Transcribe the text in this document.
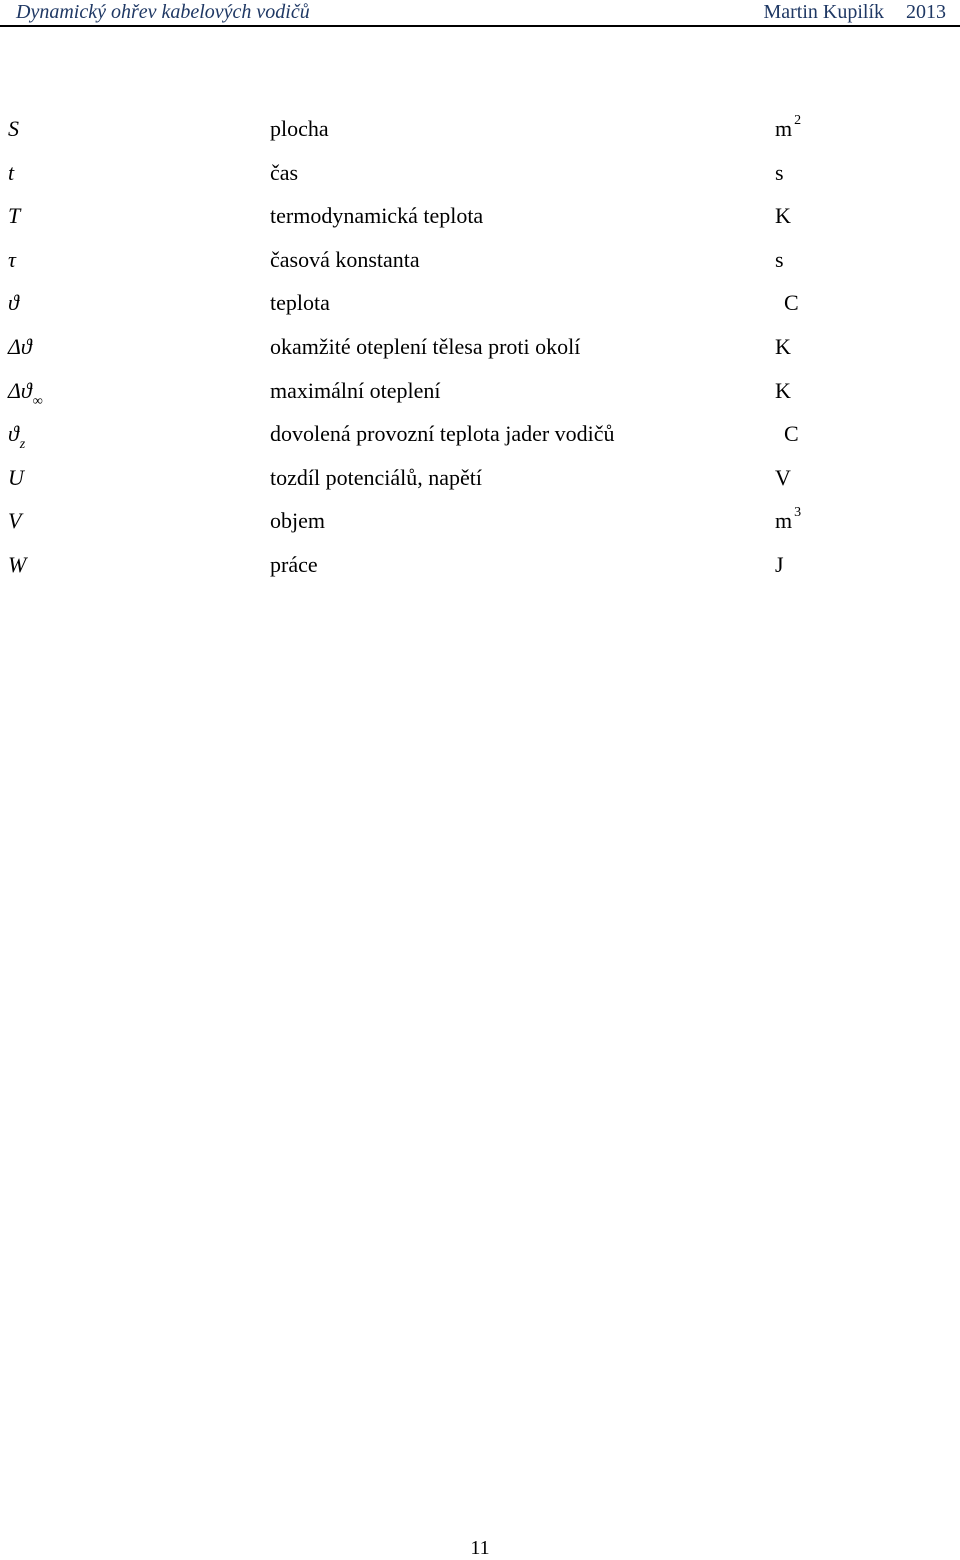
Dynamický ohřev kabelových vodičů	Martin Kupilík 2013
S	plocha	m $^2$
t	čas	s
T	termodynamická teplota	K
τ	časová konstanta	s
ϑ	teplota	C
Δϑ	okamžité oteplení tělesa proti okolí	K
$\Delta ϑ_\infty$	maximální oteplení	K
$ϑ_z$	dovolená provozní teplota jader vodičů	C
U	tozdíl potenciálů, napětí	V
V	objem	m $^3$
W	práce	J
11
